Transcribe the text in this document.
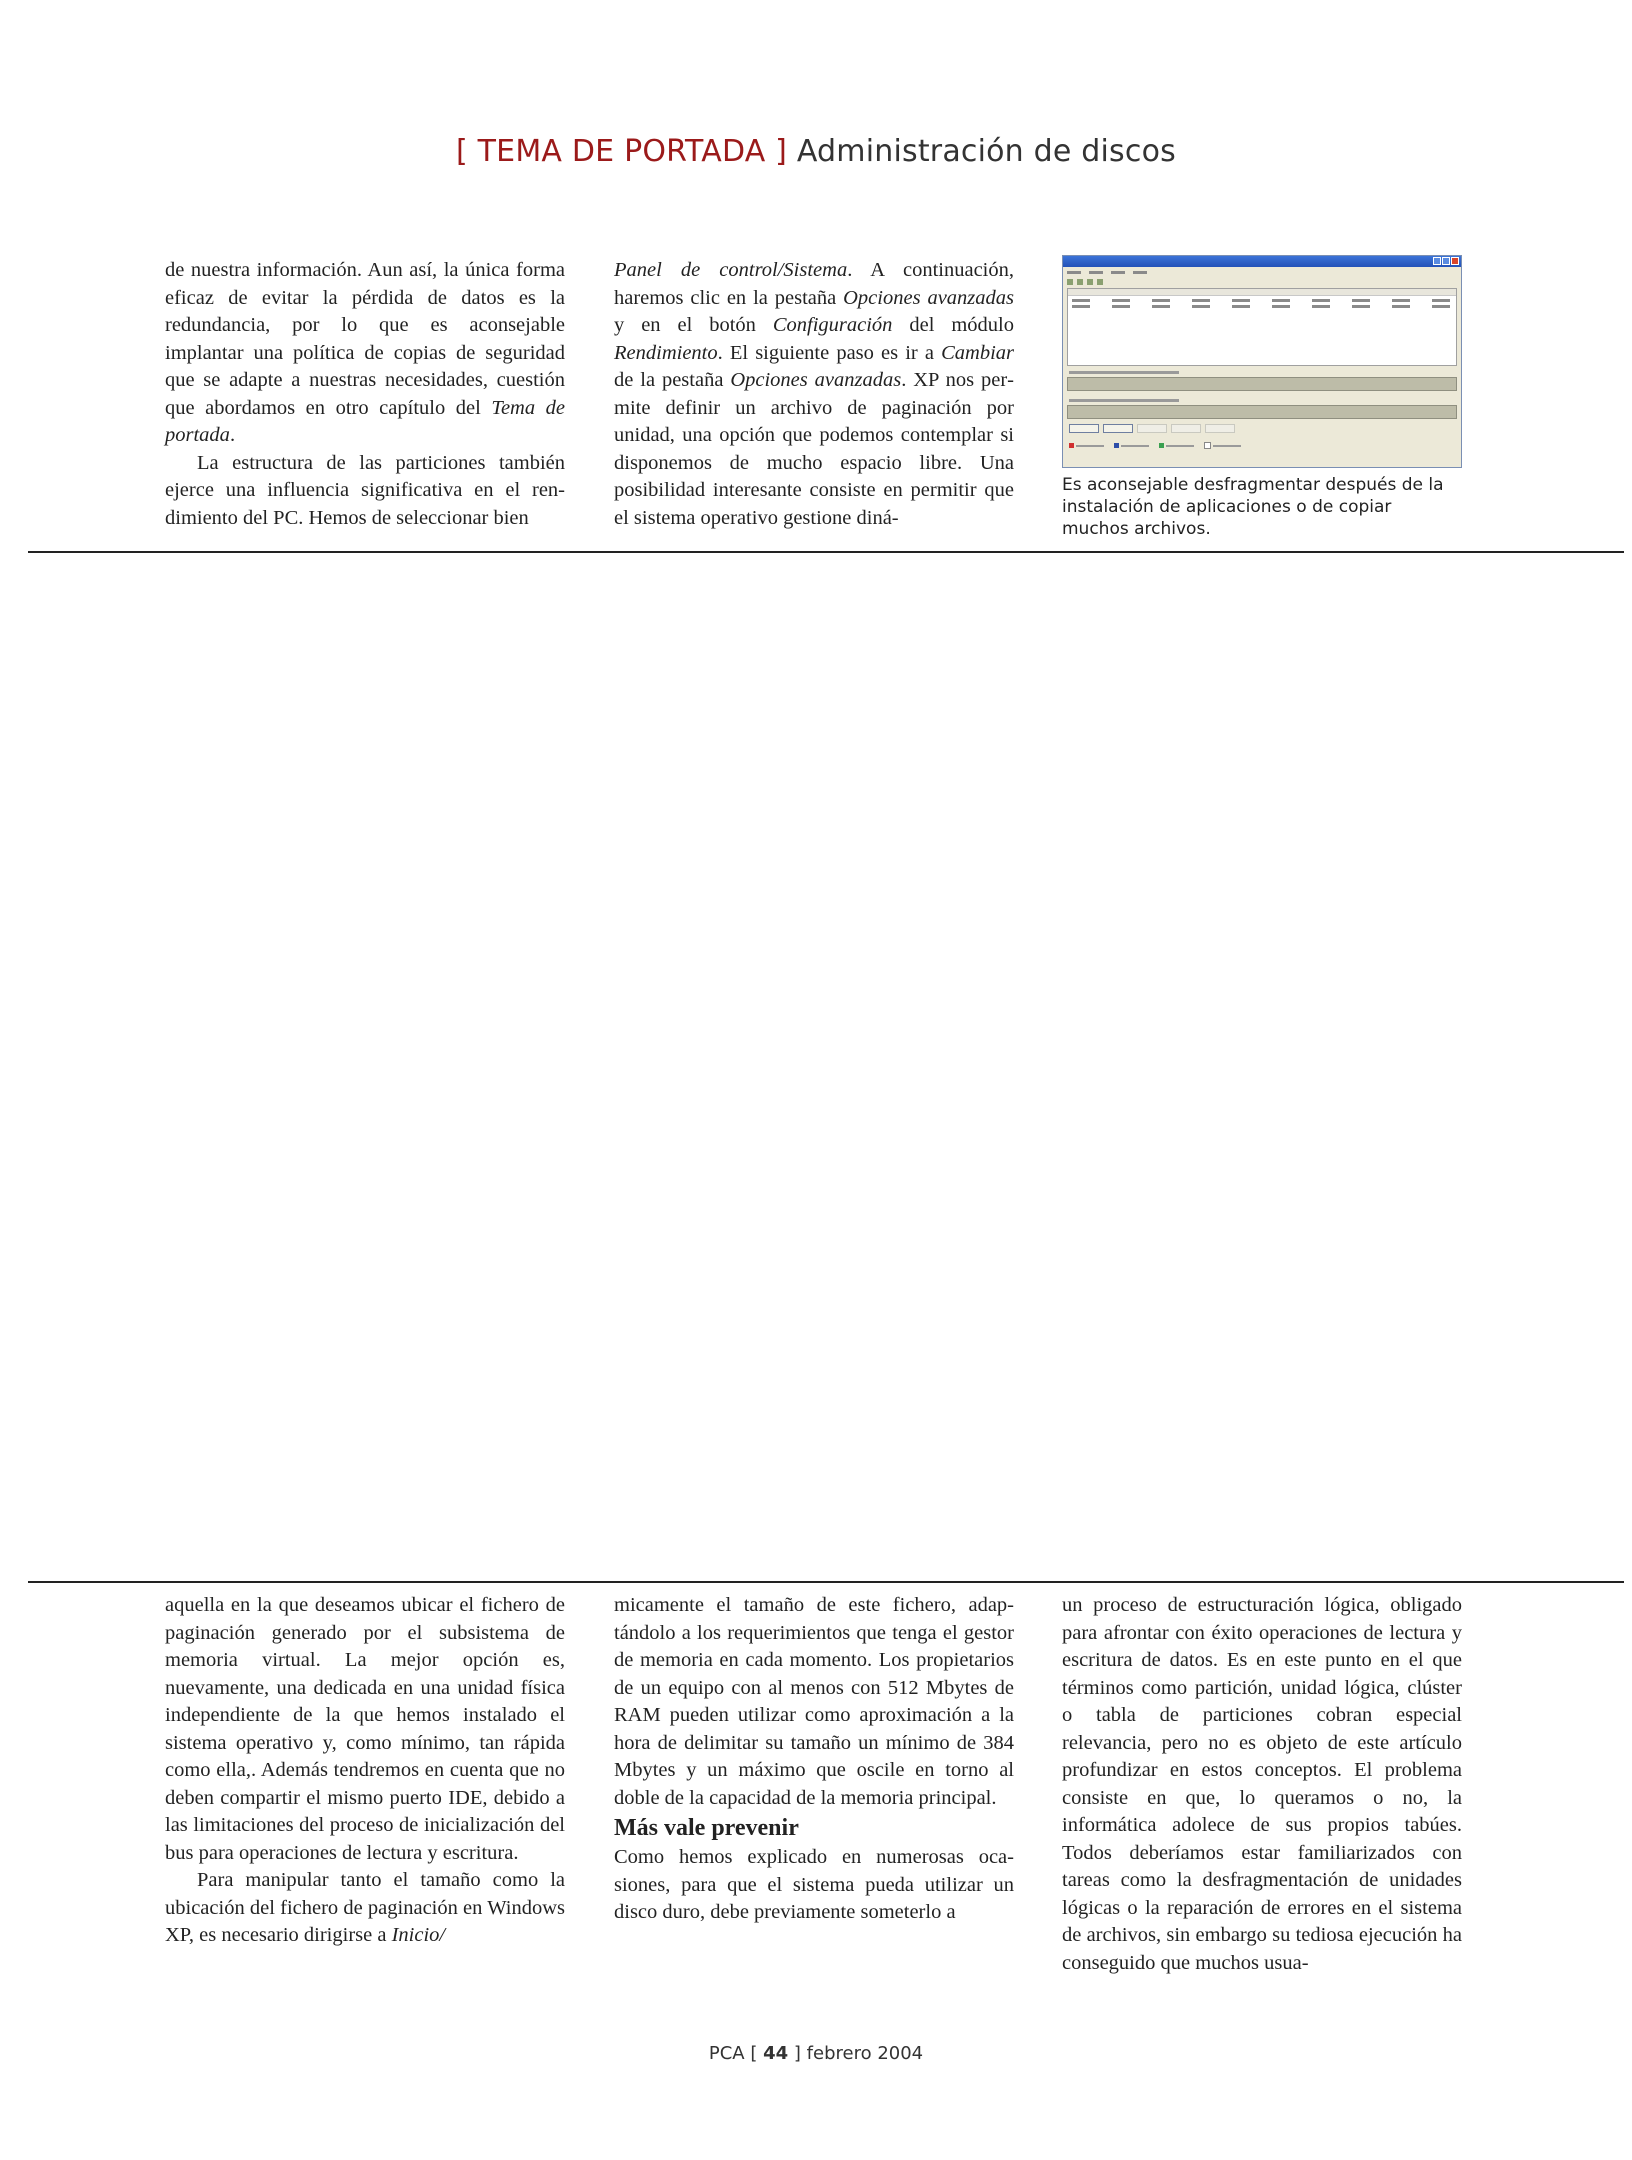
[ TEMA DE PORTADA ] Administración de discos

de nuestra información. Aun así, la única forma eficaz de evitar la pérdida de datos es la redundancia, por lo que es aconsejable implantar una política de copias de seguridad que se adapte a nuestras necesidades, cuestión que abordamos en otro capítulo del Tema de portada.

La estructura de las particiones también ejerce una influencia significativa en el rendimiento del PC. Hemos de seleccionar bien

Panel de control/Sistema. A continuación, haremos clic en la pestaña Opciones avanzadas y en el botón Configuración del módulo Rendimiento. El siguiente paso es ir a Cambiar de la pestaña Opciones avanzadas. XP nos permite definir un archivo de paginación por unidad, una opción que podemos contemplar si disponemos de mucho espacio libre. Una posibilidad interesante consiste en permitir que el sistema operativo gestione diná-

Es aconsejable desfragmentar después de la instalación de aplicaciones o de copiar muchos archivos.

aquella en la que deseamos ubicar el fichero de paginación generado por el subsistema de memoria virtual. La mejor opción es, nuevamente, una dedicada en una unidad física independiente de la que hemos instalado el sistema operativo y, como mínimo, tan rápida como ella,. Además tendremos en cuenta que no deben compartir el mismo puerto IDE, debido a las limitaciones del proceso de inicialización del bus para operaciones de lectura y escritura.

Para manipular tanto el tamaño como la ubicación del fichero de paginación en Windows XP, es necesario dirigirse a Inicio/

micamente el tamaño de este fichero, adaptándolo a los requerimientos que tenga el gestor de memoria en cada momento. Los propietarios de un equipo con al menos con 512 Mbytes de RAM pueden utilizar como aproximación a la hora de delimitar su tamaño un mínimo de 384 Mbytes y un máximo que oscile en torno al doble de la capacidad de la memoria principal.

Más vale prevenir

Como hemos explicado en numerosas ocasiones, para que el sistema pueda utilizar un disco duro, debe previamente someterlo a

un proceso de estructuración lógica, obligado para afrontar con éxito operaciones de lectura y escritura de datos. Es en este punto en el que términos como partición, unidad lógica, clúster o tabla de particiones cobran especial relevancia, pero no es objeto de este artículo profundizar en estos conceptos. El problema consiste en que, lo queramos o no, la informática adolece de sus propios tabúes. Todos deberíamos estar familiarizados con tareas como la desfragmentación de unidades lógicas o la reparación de errores en el sistema de archivos, sin embargo su tediosa ejecución ha conseguido que muchos usua-

PCA [ 44 ] febrero 2004
